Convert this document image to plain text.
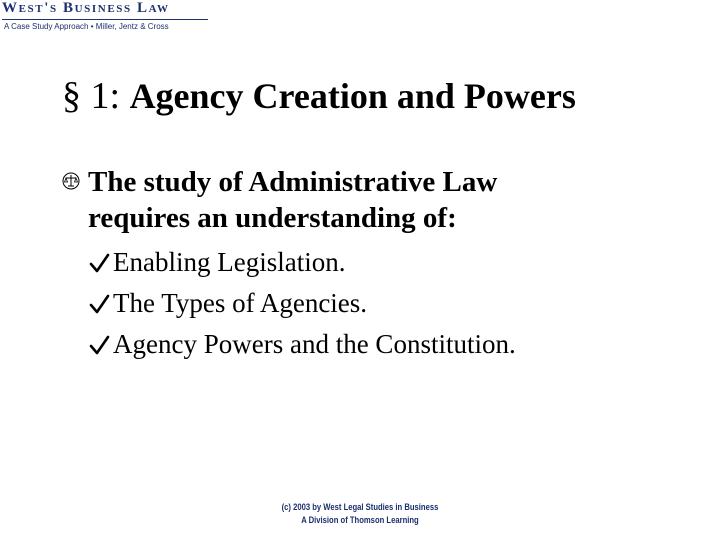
West's Business Law
A Case Study Approach • Miller, Jentz & Cross
§ 1: Agency Creation and Powers
The study of Administrative Law
requires an understanding of:
Enabling Legislation.
The Types of Agencies.
Agency Powers and the Constitution.
(c) 2003 by West Legal Studies in Business
A Division of Thomson Learning
